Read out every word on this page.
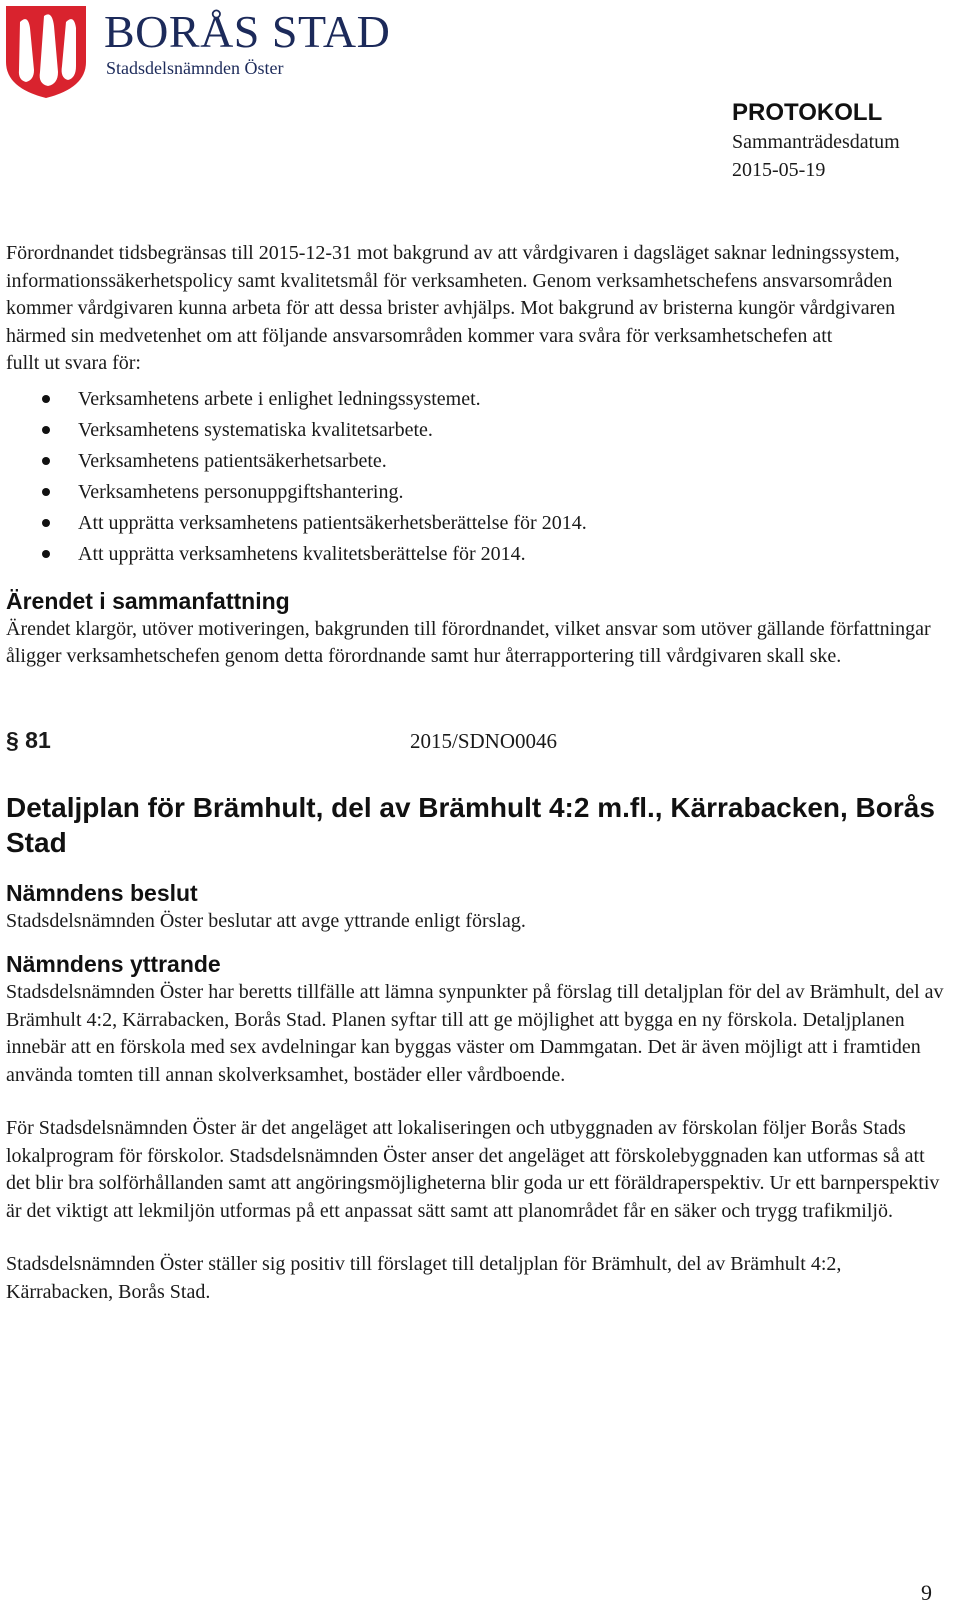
BORÅS STAD
Stadsdelsnämnden Öster
PROTOKOLL
Sammanträdesdatum
2015-05-19

Förordnandet tidsbegränsas till 2015-12-31 mot bakgrund av att vårdgivaren i dagsläget saknar ledningssystem, informationssäkerhetspolicy samt kvalitetsmål för verksamheten. Genom verksamhetschefens ansvarsområden kommer vårdgivaren kunna arbeta för att dessa brister avhjälps. Mot bakgrund av bristerna kungör vårdgivaren härmed sin medvetenhet om att följande ansvarsområden kommer vara svåra för verksamhetschefen att

fullt ut svara för:

Verksamhetens arbete i enlighet ledningssystemet.
Verksamhetens systematiska kvalitetsarbete.
Verksamhetens patientsäkerhetsarbete.
Verksamhetens personuppgiftshantering.
Att upprätta verksamhetens patientsäkerhetsberättelse för 2014.
Att upprätta verksamhetens kvalitetsberättelse för 2014.
Ärendet i sammanfattning

Ärendet klargör, utöver motiveringen, bakgrunden till förordnandet, vilket ansvar som utöver gällande författningar åligger verksamhetschefen genom detta förordnande samt hur återrapportering till vårdgivaren skall ske.

§ 81	2015/SDNO0046
Detaljplan för Brämhult, del av Brämhult 4:2 m.fl., Kärrabacken, Borås Stad
Nämndens beslut

Stadsdelsnämnden Öster beslutar att avge yttrande enligt förslag.

Nämndens yttrande

Stadsdelsnämnden Öster har beretts tillfälle att lämna synpunkter på förslag till detaljplan för del av Brämhult, del av Brämhult 4:2, Kärrabacken, Borås Stad. Planen syftar till att ge möjlighet att bygga en ny förskola. Detaljplanen innebär att en förskola med sex avdelningar kan byggas väster om Dammgatan. Det är även möjligt att i framtiden använda tomten till annan skolverksamhet, bostäder eller vårdboende.

För Stadsdelsnämnden Öster är det angeläget att lokaliseringen och utbyggnaden av förskolan följer Borås Stads lokalprogram för förskolor. Stadsdelsnämnden Öster anser det angeläget att förskolebyggnaden kan utformas så att det blir bra solförhållanden samt att angöringsmöjligheterna blir goda ur ett föräldraperspektiv. Ur ett barnperspektiv är det viktigt att lekmiljön utformas på ett anpassat sätt samt att planområdet får en säker och trygg trafikmiljö.

Stadsdelsnämnden Öster ställer sig positiv till förslaget till detaljplan för Brämhult, del av Brämhult 4:2, Kärrabacken, Borås Stad.

9
